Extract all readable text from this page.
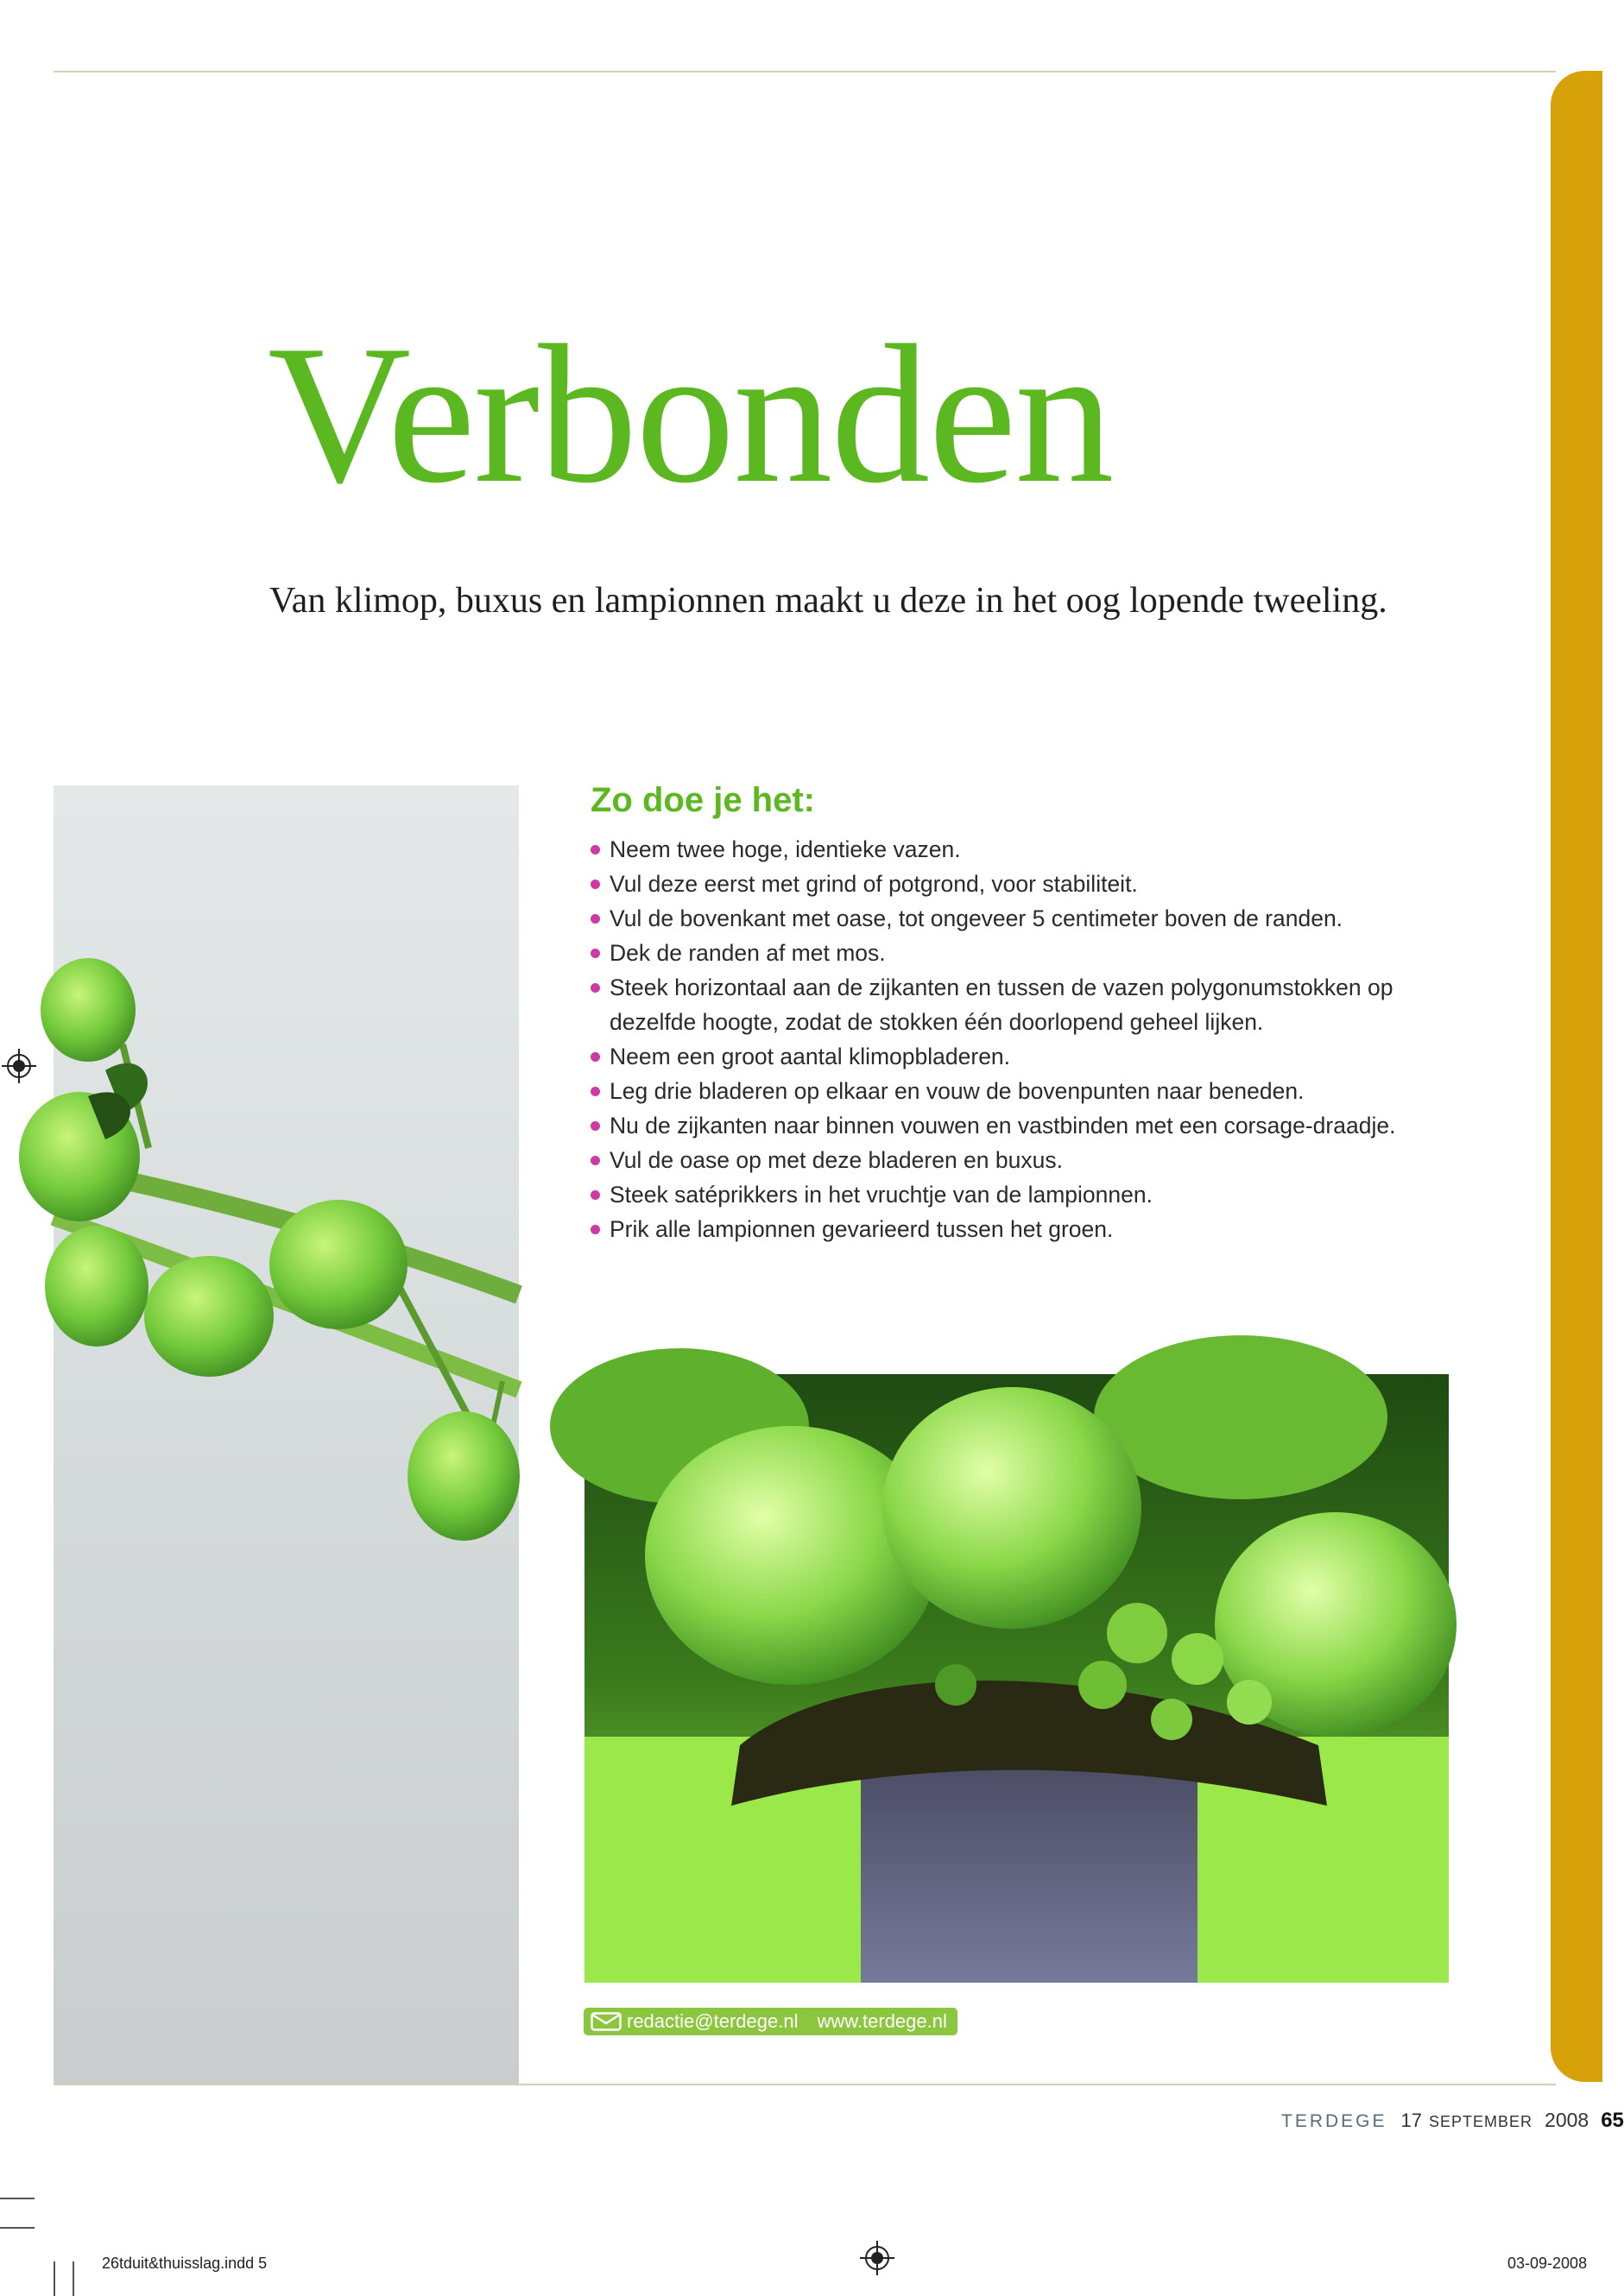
Verbonden

Van klimop, buxus en lampionnen maakt u deze in het oog lopende tweeling.

Zo doe je het:
Neem twee hoge, identieke vazen.
Vul deze eerst met grind of potgrond, voor stabiliteit.
Vul de bovenkant met oase, tot ongeveer 5 centimeter boven de randen.
Dek de randen af met mos.
Steek horizontaal aan de zijkanten en tussen de vazen polygonumstokken op dezelfde hoogte, zodat de stokken één doorlopend geheel lijken.
Neem een groot aantal klimopbladeren.
Leg drie bladeren op elkaar en vouw de bovenpunten naar beneden.
Nu de zijkanten naar binnen vouwen en vastbinden met een corsage-draadje.
Vul de oase op met deze bladeren en buxus.
Steek satéprikkers in het vruchtje van de lampionnen.
Prik alle lampionnen gevarieerd tussen het groen.
redactie@terdege.nl www.terdege.nl
TERDEGE 17 SEPTEMBER 2008 65
26tduit&thuisslag.indd 5	03-09-2008
